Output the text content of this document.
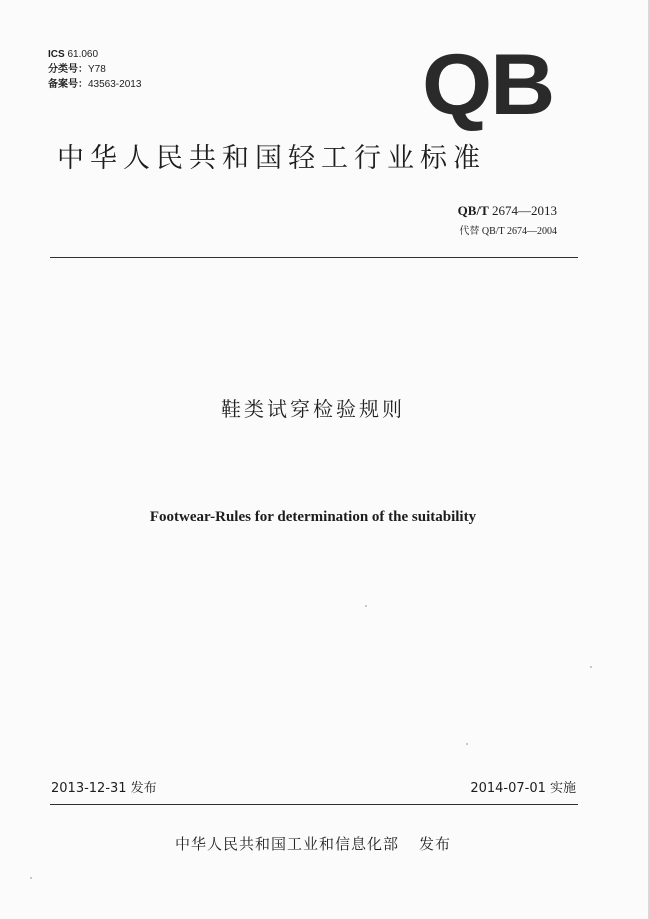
ICS 61.060
分类号：Y78
备案号：43563-2013	QB
中华人民共和国轻工行业标准
QB/T 2674—2013
代替 QB/T 2674—2004
鞋类试穿检验规则
Footwear-Rules for determination of the suitability
2013-12-31 发布	2014-07-01 实施
中华人民共和国工业和信息化部 发布
